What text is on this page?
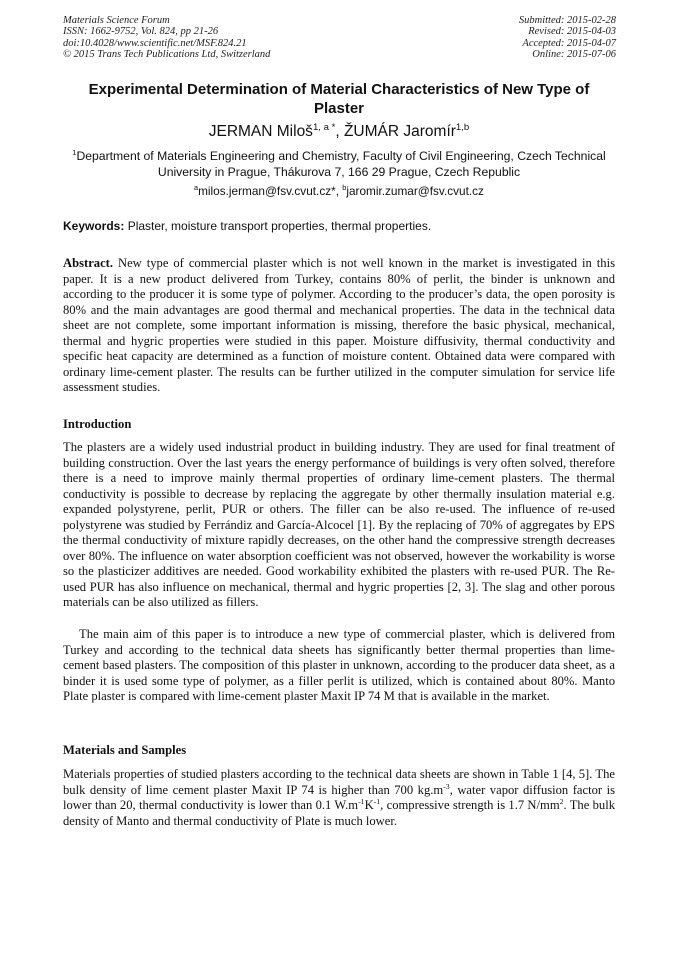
Materials Science Forum
ISSN: 1662-9752, Vol. 824, pp 21-26
doi:10.4028/www.scientific.net/MSF.824.21
© 2015 Trans Tech Publications Ltd, Switzerland
Submitted: 2015-02-28
Revised: 2015-04-03
Accepted: 2015-04-07
Online: 2015-07-06
Experimental Determination of Material Characteristics of New Type of Plaster
JERMAN Miloš$^{1, a *}$, ŽUMÁR Jaromír$^{1,b}$
$^1$Department of Materials Engineering and Chemistry, Faculty of Civil Engineering, Czech Technical University in Prague, Thákurova 7, 166 29 Prague, Czech Republic
$^a$milos.jerman@fsv.cvut.cz*, $^b$jaromir.zumar@fsv.cvut.cz
Keywords: Plaster, moisture transport properties, thermal properties.
Abstract. New type of commercial plaster which is not well known in the market is investigated in this paper. It is a new product delivered from Turkey, contains 80% of perlit, the binder is unknown and according to the producer it is some type of polymer. According to the producer’s data, the open porosity is 80% and the main advantages are good thermal and mechanical properties. The data in the technical data sheet are not complete, some important information is missing, therefore the basic physical, mechanical, thermal and hygric properties were studied in this paper. Moisture diffusivity, thermal conductivity and specific heat capacity are determined as a function of moisture content. Obtained data were compared with ordinary lime-cement plaster. The results can be further utilized in the computer simulation for service life assessment studies.
Introduction
The plasters are a widely used industrial product in building industry. They are used for final treatment of building construction. Over the last years the energy performance of buildings is very often solved, therefore there is a need to improve mainly thermal properties of ordinary lime-cement plasters. The thermal conductivity is possible to decrease by replacing the aggregate by other thermally insulation material e.g. expanded polystyrene, perlit, PUR or others. The filler can be also re-used. The influence of re-used polystyrene was studied by Ferrándiz and García-Alcocel [1]. By the replacing of 70% of aggregates by EPS the thermal conductivity of mixture rapidly decreases, on the other hand the compressive strength decreases over 80%. The influence on water absorption coefficient was not observed, however the workability is worse so the plasticizer additives are needed. Good workability exhibited the plasters with re-used PUR. The Re-used PUR has also influence on mechanical, thermal and hygric properties [2, 3]. The slag and other porous materials can be also utilized as fillers.
The main aim of this paper is to introduce a new type of commercial plaster, which is delivered from Turkey and according to the technical data sheets has significantly better thermal properties than lime-cement based plasters. The composition of this plaster in unknown, according to the producer data sheet, as a binder it is used some type of polymer, as a filler perlit is utilized, which is contained about 80%. Manto Plate plaster is compared with lime-cement plaster Maxit IP 74 M that is available in the market.
Materials and Samples
Materials properties of studied plasters according to the technical data sheets are shown in Table 1 [4, 5]. The bulk density of lime cement plaster Maxit IP 74 is higher than 700 $kg.m^{-3}$, water vapor diffusion factor is lower than 20, thermal conductivity is lower than 0.1 $W.m^{-1}K^{-1}$, compressive strength is 1.7 $N/mm^2$. The bulk density of Manto and thermal conductivity of Plate is much lower.
